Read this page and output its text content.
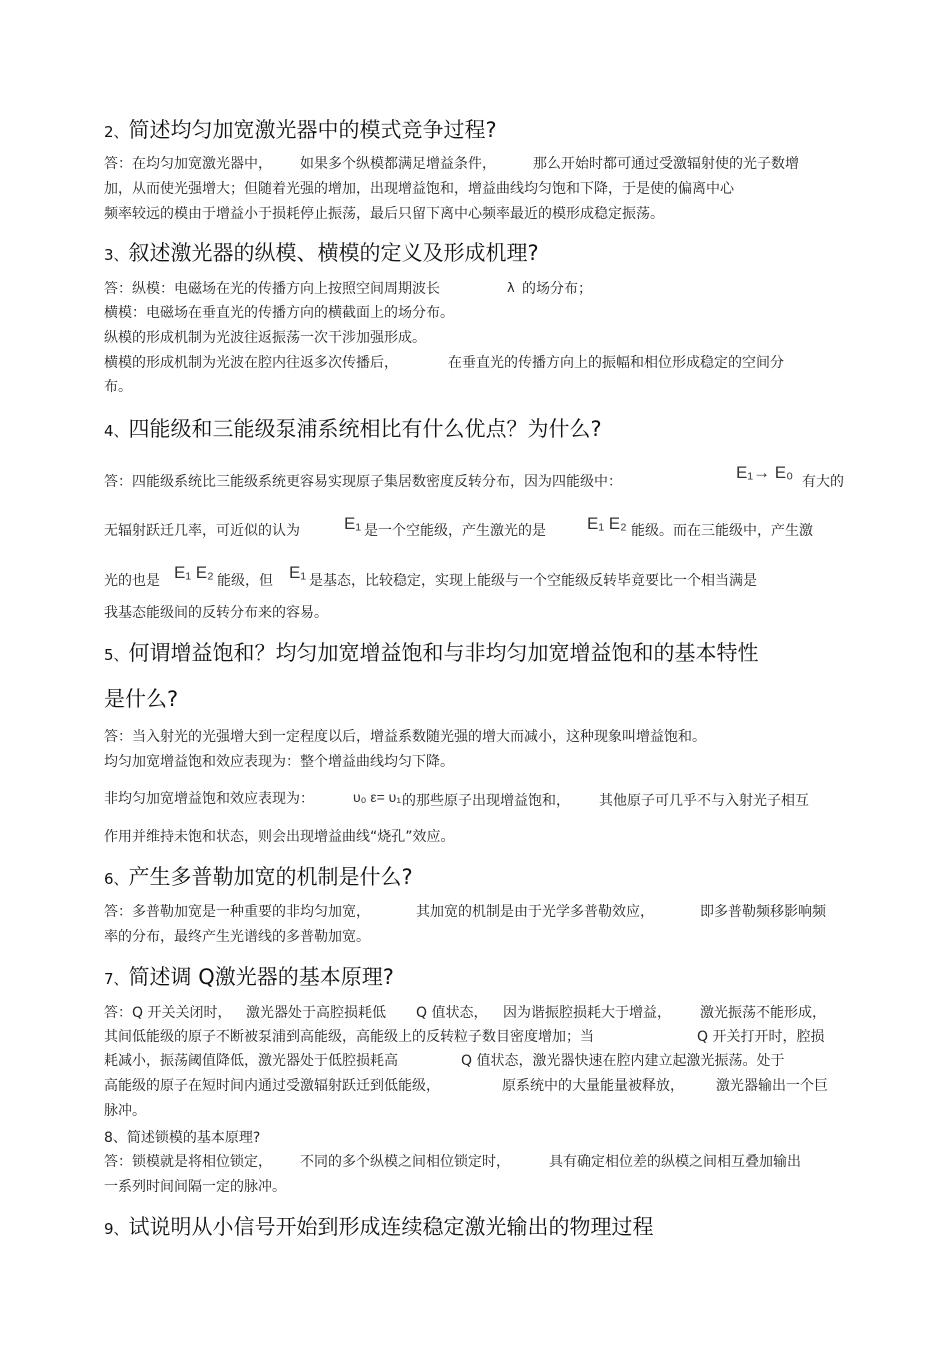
2、简述均匀加宽激光器中的模式竞争过程?
答：在均匀加宽激光器中， 如果多个纵模都满足增益条件，	那么开始时都可通过受激辐射使的光子数增
加，从而使光强增大；但随着光强的增加，出现增益饱和，增益曲线均匀饱和下降，于是使的偏离中心
频率较远的模由于增益小于损耗停止振荡，最后只留下离中心频率最近的模形成稳定振荡。
3、叙述激光器的纵模、横模的定义及形成机理?
答：纵模：电磁场在光的传播方向上按照空间周期波长	λ 的场分布；
横模：电磁场在垂直光的传播方向的横截面上的场分布。
纵模的形成机制为光波往返振荡一次干涉加强形成。
横模的形成机制为光波在腔内往返多次传播后，	在垂直光的传播方向上的振幅和相位形成稳定的空间分
布。
4、四能级和三能级泵浦系统相比有什么优点？为什么?
答：四能级系统比三能级系统更容易实现原子集居数密度反转分布，因为四能级中：	E₁→ E₀ 有大的
无辐射跃迁几率，可近似的认为	E₁ 是一个空能级，产生激光的是 E₁ E₂ 能级。而在三能级中，产生激
光的也是 E₁ E₂ 能级，但 E₁ 是基态，比较稳定，实现上能级与一个空能级反转毕竟要比一个相当满是
我基态能级间的反转分布来的容易。
5、何谓增益饱和？均匀加宽增益饱和与非均匀加宽增益饱和的基本特性
是什么?
答：当入射光的光强增大到一定程度以后，增益系数随光强的增大而减小，这种现象叫增益饱和。
均匀加宽增益饱和效应表现为：整个增益曲线均匀下降。
非均匀加宽增益饱和效应表现为：	υ₀ ε= υ₁ 的那些原子出现增益饱和， 其他原子可几乎不与入射光子相互
作用并维持未饱和状态，则会出现增益曲线“烧孔”效应。
6、产生多普勒加宽的机制是什么?
答：多普勒加宽是一种重要的非均匀加宽，	其加宽的机制是由于光学多普勒效应，	即多普勒频移影响频
率的分布，最终产生光谱线的多普勒加宽。
7、简述调 Q激光器的基本原理?
答：Q 开关关闭时， 激光器处于高腔损耗低 Q 值状态， 因为谐振腔损耗大于增益， 激光振荡不能形成，
其间低能级的原子不断被泵浦到高能级，高能级上的反转粒子数目密度增加；当	Q 开关打开时，腔损
耗减小，振荡阈值降低，激光器处于低腔损耗高	Q 值状态，激光器快速在腔内建立起激光振荡。处于
高能级的原子在短时间内通过受激辐射跃迁到低能级，	原系统中的大量能量被释放， 激光器输出一个巨
脉冲。
8、简述锁模的基本原理?
答：锁模就是将相位锁定， 不同的多个纵模之间相位锁定时，	具有确定相位差的纵模之间相互叠加输出
一系列时间间隔一定的脉冲。
9、试说明从小信号开始到形成连续稳定激光输出的物理过程
